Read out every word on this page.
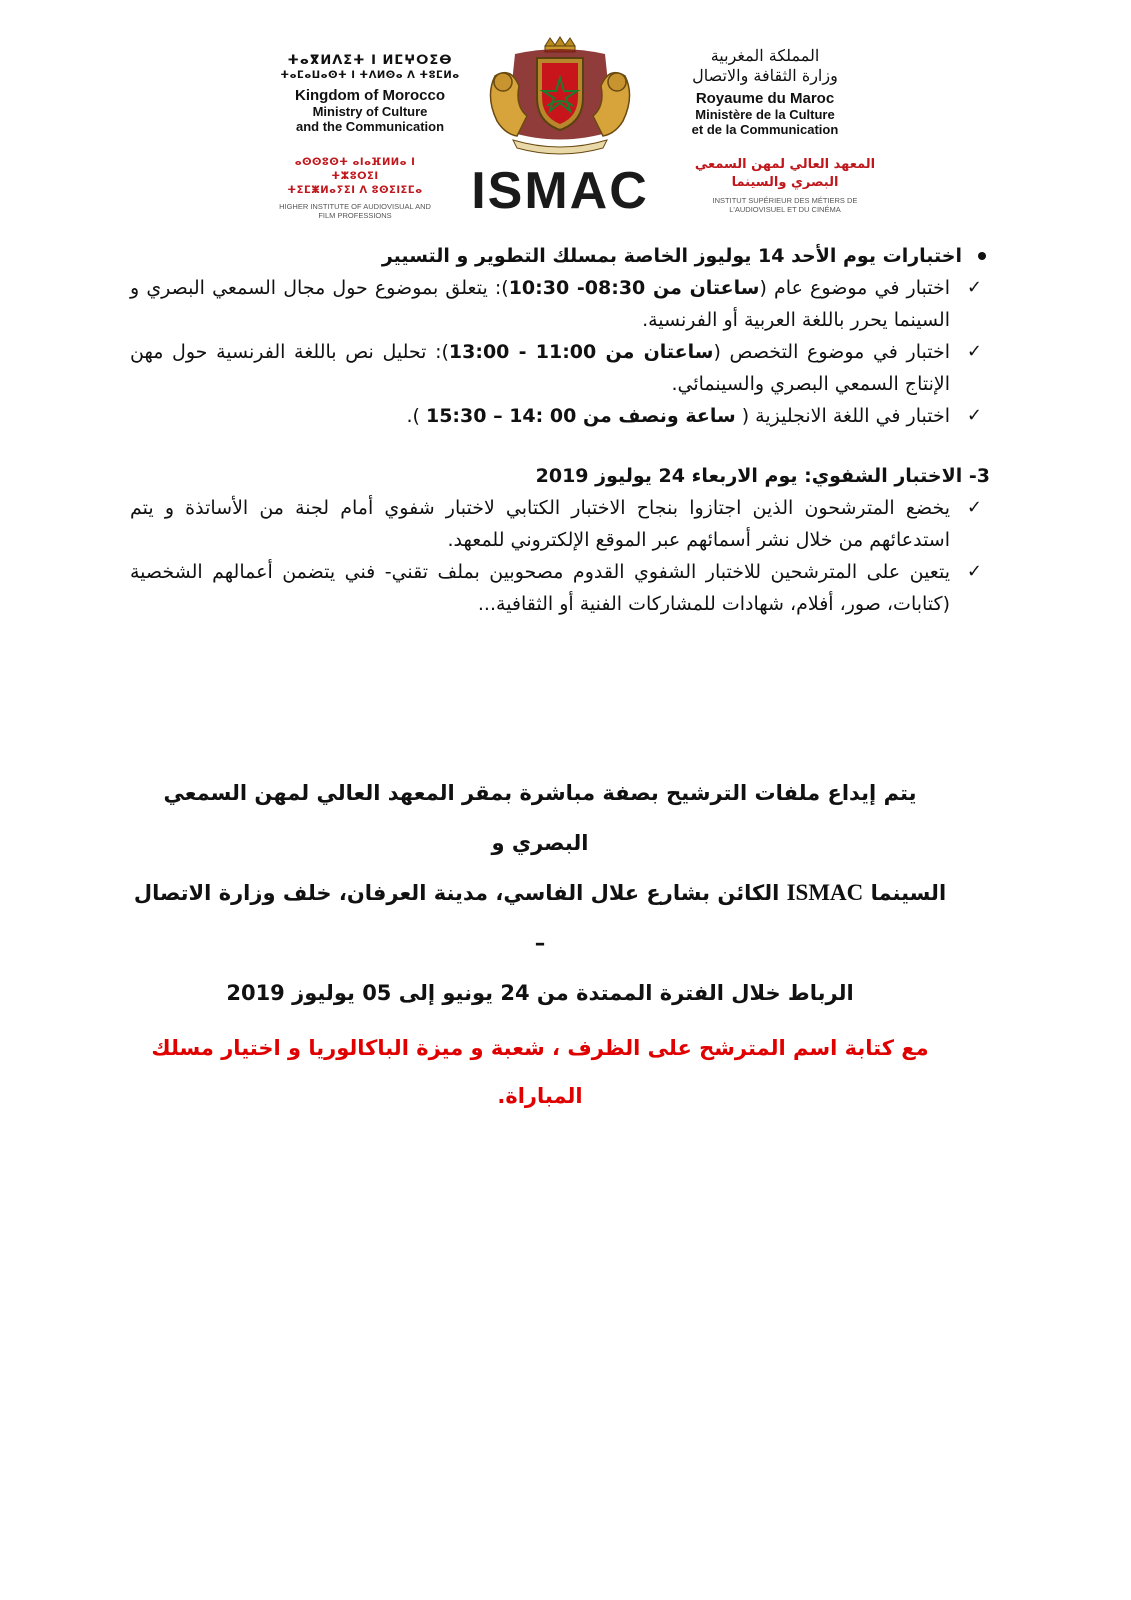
ⵜⴰⴳⵍⴷⵉⵜ ⵏ ⵍⵎⵖⵔⵉⴱ
ⵜⴰⵎⴰⵡⴰⵙⵜ ⵏ ⵜⴷⵍⵙⴰ ⴷ ⵜⵓⵎⵍⴰ
Kingdom of Morocco
Ministry of Culture
and the Communication
المملكة المغربية
وزارة الثقافة والاتصال
Royaume du Maroc
Ministère de la Culture
et de la Communication
ⴰⵙⵙⵓⵙⵜ ⴰⵏⴰⴼⵍⵍⴰ ⵏ ⵜⵣⵓⵔⵉⵏ
ⵜⵉⵎⵥⵍⴰⵢⵉⵏ ⴷ ⵓⵙⵉⵏⵉⵎⴰ
HIGHER INSTITUTE OF AUDIOVISUAL AND FILM PROFESSIONS	ISMAC	المعهد العالي لمهن السمعي
البصري والسينما
INSTITUT SUPÉRIEUR DES MÉTIERS DE L'AUDIOVISUEL ET DU CINÉMA
اختبارات يوم الأحد 14 يوليوز الخاصة بمسلك التطوير و التسيير
✓
اختبار في موضوع عام (ساعتان من 08:30- 10:30): يتعلق بموضوع حول مجال السمعي البصري و السينما يحرر باللغة العربية أو الفرنسية.
✓
اختبار في موضوع التخصص (ساعتان من 11:00 - 13:00): تحليل نص باللغة الفرنسية حول مهن الإنتاج السمعي البصري والسينمائي.
✓
اختبار في اللغة الانجليزية ( ساعة ونصف من 00 :14 – 15:30 ).
3- الاختبار الشفوي: يوم الاربعاء 24 يوليوز 2019
✓
يخضع المترشحون الذين اجتازوا بنجاح الاختبار الكتابي لاختبار شفوي أمام لجنة من الأساتذة و يتم استدعائهم من خلال نشر أسمائهم عبر الموقع الإلكتروني للمعهد.
✓
يتعين على المترشحين للاختبار الشفوي القدوم مصحوبين بملف تقني- فني يتضمن أعمالهم الشخصية (كتابات، صور، أفلام، شهادات للمشاركات الفنية أو الثقافية...
يتم إيداع ملفات الترشيح بصفة مباشرة بمقر المعهد العالي لمهن السمعي البصري و
السينما ISMAC الكائن بشارع علال الفاسي، مدينة العرفان، خلف وزارة الاتصال –
الرباط خلال الفترة الممتدة من 24 يونيو إلى 05 يوليوز 2019
مع كتابة اسم المترشح على الظرف ، شعبة و ميزة الباكالوريا و اختيار مسلك المباراة.
